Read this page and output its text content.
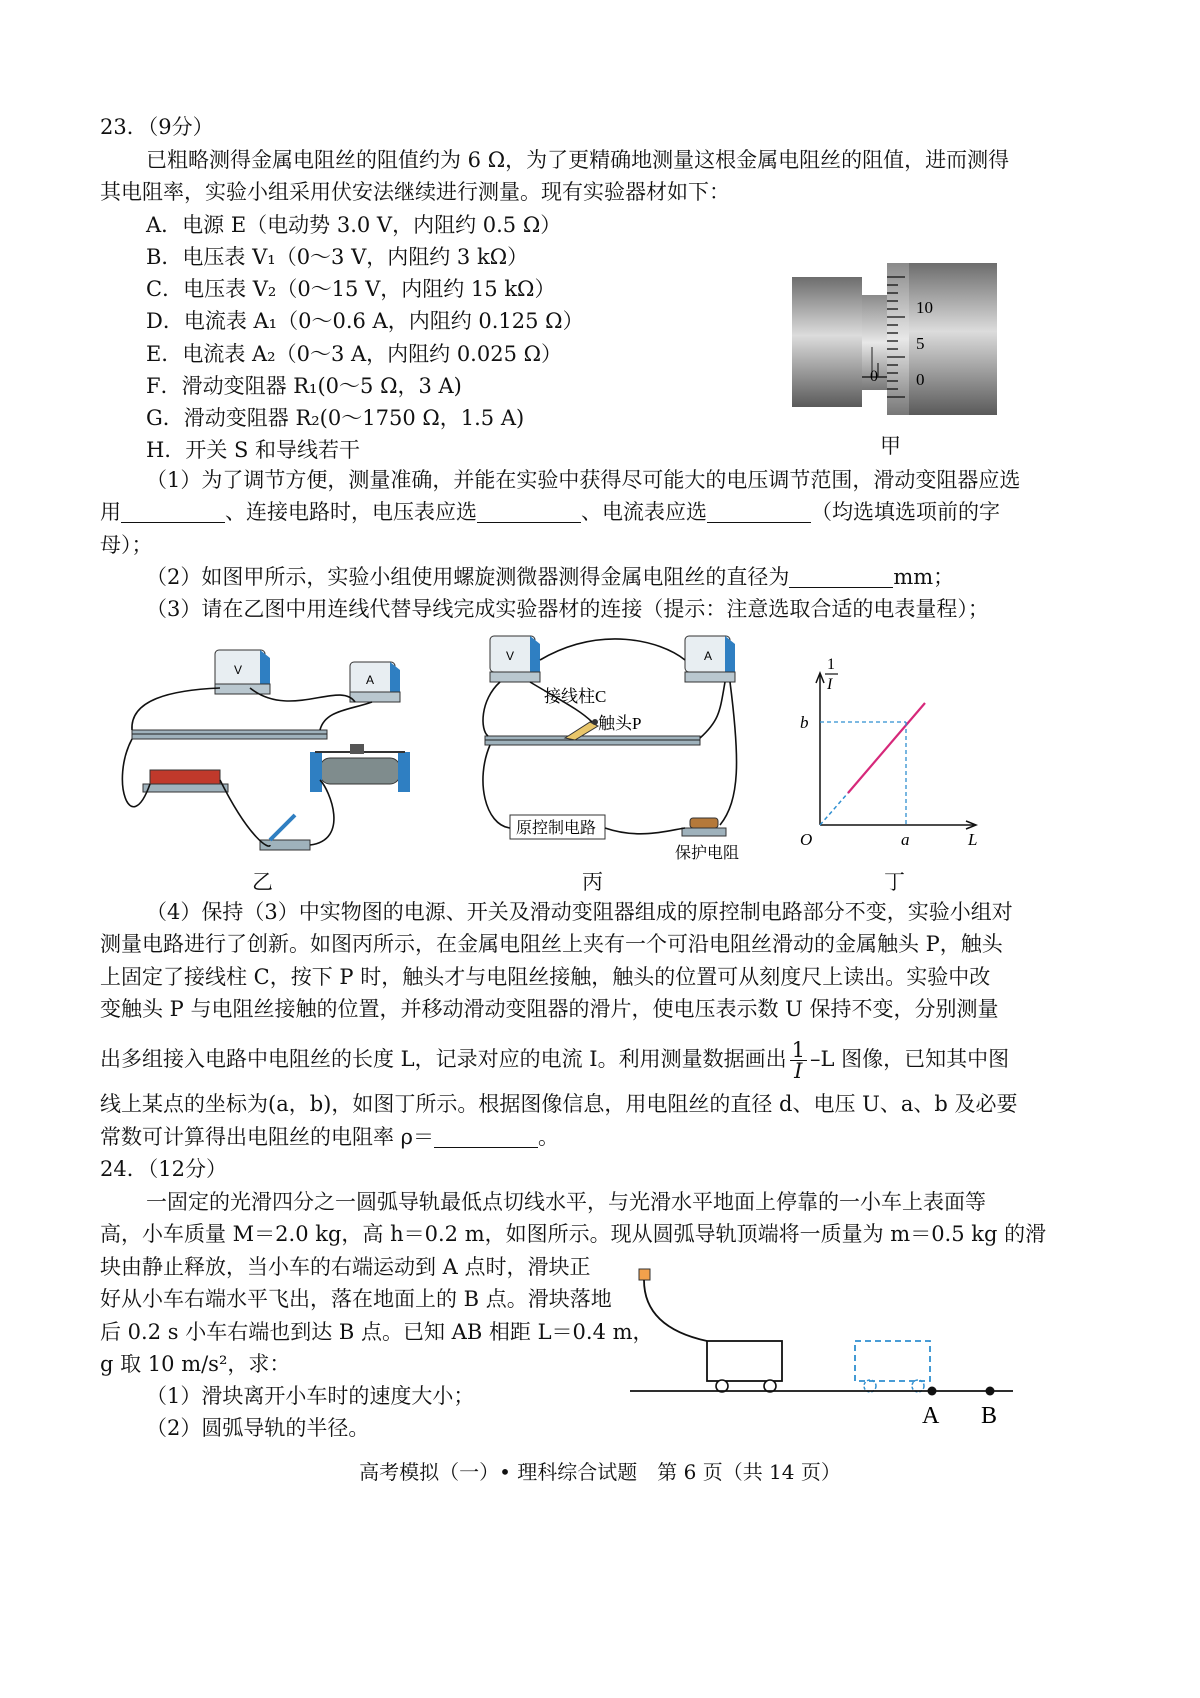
23．（9分）
已粗略测得金属电阻丝的阻值约为 6 Ω，为了更精确地测量这根金属电阻丝的阻值，进而测得
其电阻率，实验小组采用伏安法继续进行测量。现有实验器材如下：
A．电源 E（电动势 3.0 V，内阻约 0.5 Ω）
B．电压表 V₁（0～3 V，内阻约 3 kΩ）
C．电压表 V₂（0～15 V，内阻约 15 kΩ）
D．电流表 A₁（0～0.6 A，内阻约 0.125 Ω）
E．电流表 A₂（0～3 A，内阻约 0.025 Ω）
F．滑动变阻器 R₁(0～5 Ω，3 A)
G．滑动变阻器 R₂(0～1750 Ω，1.5 A)
H．开关 S 和导线若干
10
5
0
0
甲
（1）为了调节方便，测量准确，并能在实验中获得尽可能大的电压调节范围，滑动变阻器应选
用	、连接电路时，电压表应选	、电流表应选	（均选填选项前的字
母）；
（2）如图甲所示，实验小组使用螺旋测微器测得金属电阻丝的直径为	mm；
（3）请在乙图中用连线代替导线完成实验器材的连接（提示：注意选取合适的电表量程）；
V
A
乙
V	A
接线柱C
触头P
原控制电路
保护电阻
丙
1
I
b
O	a	L
丁
（4）保持（3）中实物图的电源、开关及滑动变阻器组成的原控制电路部分不变，实验小组对
测量电路进行了创新。如图丙所示，在金属电阻丝上夹有一个可沿电阻丝滑动的金属触头 P，触头
上固定了接线柱 C，按下 P 时，触头才与电阻丝接触，触头的位置可从刻度尺上读出。实验中改
变触头 P 与电阻丝接触的位置，并移动滑动变阻器的滑片，使电压表示数 U 保持不变，分别测量
出多组接入电路中电阻丝的长度 L，记录对应的电流 I。利用测量数据画出 $\frac{1}{I} -L$ 图像，已知其中图
线上某点的坐标为(a，b)，如图丁所示。根据图像信息，用电阻丝的直径 d、电压 U、a、b 及必要
常数可计算得出电阻丝的电阻率 ρ＝	。
24．（12分）
一固定的光滑四分之一圆弧导轨最低点切线水平，与光滑水平地面上停靠的一小车上表面等
高，小车质量 M＝2.0 kg，高 h＝0.2 m，如图所示。现从圆弧导轨顶端将一质量为 m＝0.5 kg 的滑
块由静止释放，当小车的右端运动到 A 点时，滑块正
好从小车右端水平飞出，落在地面上的 B 点。滑块落地
后 0.2 s 小车右端也到达 B 点。已知 AB 相距 L＝0.4 m，
g 取 10 m/s²，求：
（1）滑块离开小车时的速度大小；
（2）圆弧导轨的半径。	A B
高考模拟（一）• 理科综合试题　第 6 页（共 14 页）
